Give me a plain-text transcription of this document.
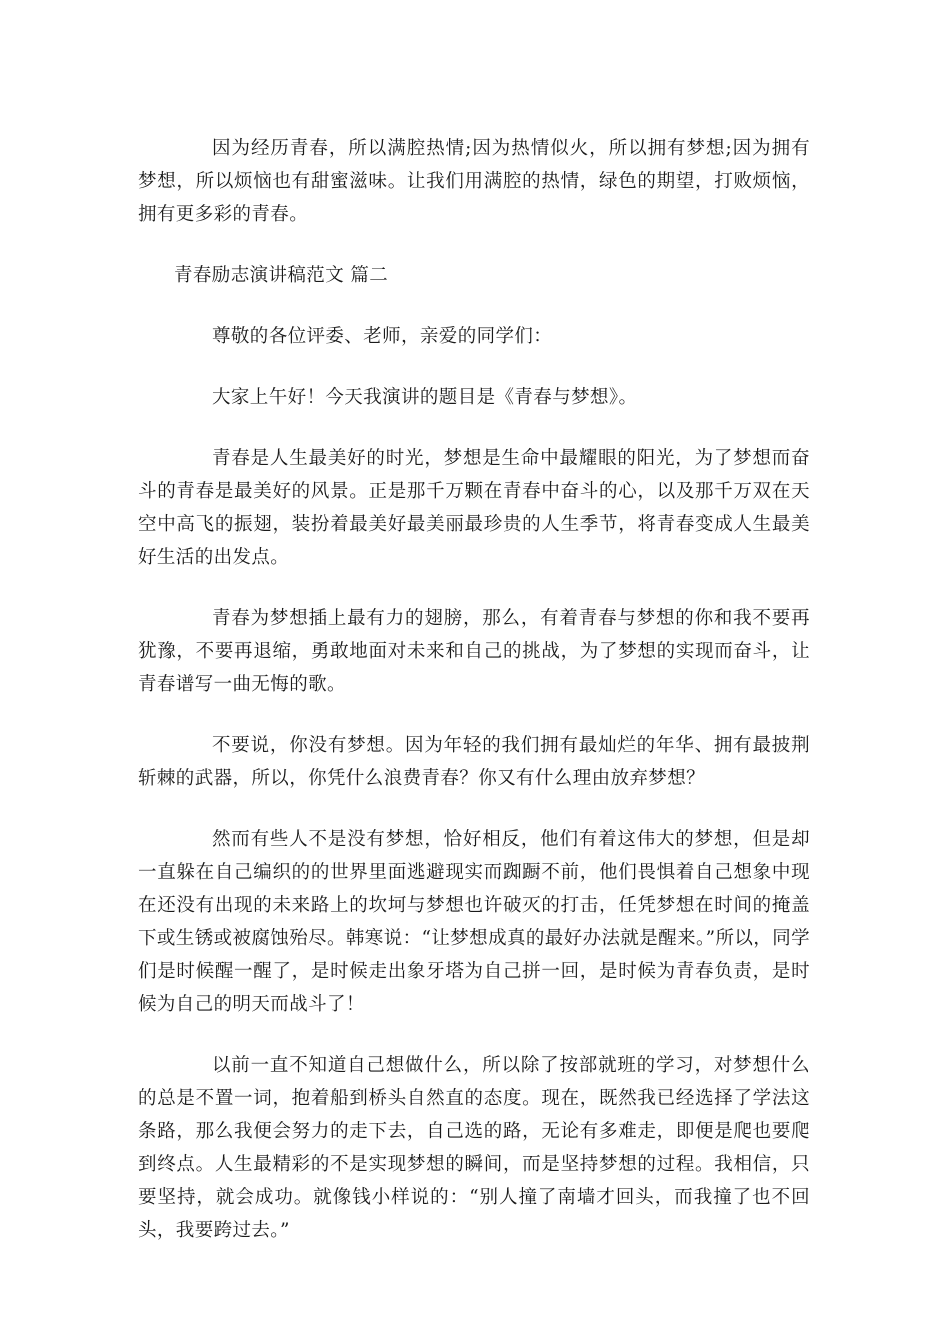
因为经历青春，所以满腔热情;因为热情似火，所以拥有梦想;因为拥有梦想，所以烦恼也有甜蜜滋味。让我们用满腔的热情，绿色的期望，打败烦恼，拥有更多彩的青春。

青春励志演讲稿范文 篇二

尊敬的各位评委、老师，亲爱的同学们：

大家上午好！今天我演讲的题目是《青春与梦想》。

青春是人生最美好的时光，梦想是生命中最耀眼的阳光，为了梦想而奋斗的青春是最美好的风景。正是那千万颗在青春中奋斗的心，以及那千万双在天空中高飞的振翅，装扮着最美好最美丽最珍贵的人生季节，将青春变成人生最美好生活的出发点。

青春为梦想插上最有力的翅膀，那么，有着青春与梦想的你和我不要再犹豫，不要再退缩，勇敢地面对未来和自己的挑战，为了梦想的实现而奋斗，让青春谱写一曲无悔的歌。

不要说，你没有梦想。因为年轻的我们拥有最灿烂的年华、拥有最披荆斩棘的武器，所以，你凭什么浪费青春？你又有什么理由放弃梦想？

然而有些人不是没有梦想，恰好相反，他们有着这伟大的梦想，但是却一直躲在自己编织的的世界里面逃避现实而踟蹰不前，他们畏惧着自己想象中现在还没有出现的未来路上的坎坷与梦想也许破灭的打击，任凭梦想在时间的掩盖下或生锈或被腐蚀殆尽。韩寒说：“让梦想成真的最好办法就是醒来。”所以，同学们是时候醒一醒了，是时候走出象牙塔为自己拼一回，是时候为青春负责，是时候为自己的明天而战斗了！

以前一直不知道自己想做什么，所以除了按部就班的学习，对梦想什么的总是不置一词，抱着船到桥头自然直的态度。现在，既然我已经选择了学法这条路，那么我便会努力的走下去，自己选的路，无论有多难走，即便是爬也要爬到终点。人生最精彩的不是实现梦想的瞬间，而是坚持梦想的过程。我相信，只要坚持，就会成功。就像钱小样说的：“别人撞了南墙才回头，而我撞了也不回头，我要跨过去。”
